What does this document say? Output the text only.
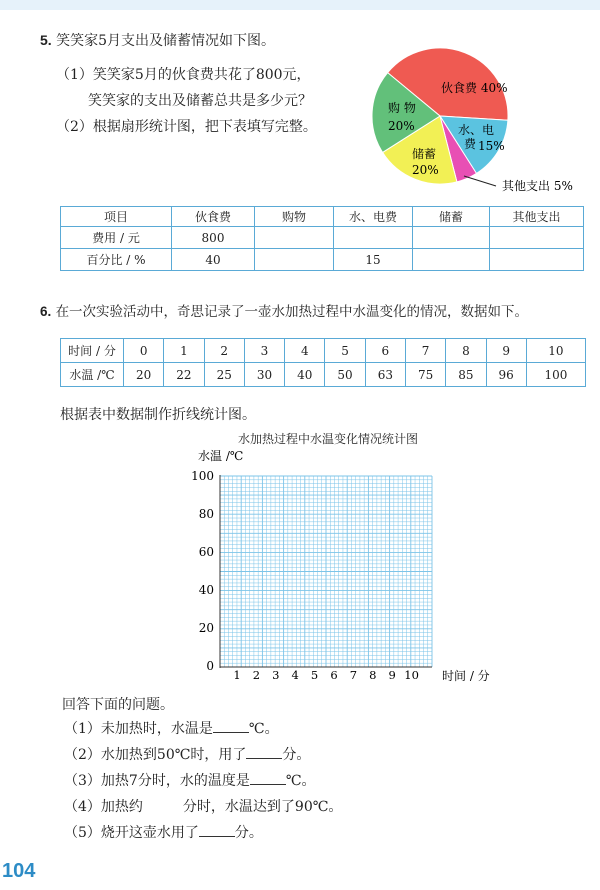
5. 笑笑家5月支出及储蓄情况如下图。
（1）笑笑家5月的伙食费共花了800元，
笑笑家的支出及储蓄总共是多少元？
（2）根据扇形统计图，把下表填写完整。
伙食费 40%
购 物
20%	水、电
费 15%
储蓄
20%
其他支出 5%
项目	伙食费	购物	水、电费	储蓄	其他支出
费用 / 元	800				
百分比 / %	40		15		
6. 在一次实验活动中，奇思记录了一壶水加热过程中水温变化的情况，数据如下。
时间 / 分	0	1	2	3	4	5	6	7	8	9	10
水温 /℃	20	22	25	30	40	50	63	75	85	96	100
根据表中数据制作折线统计图。
水加热过程中水温变化情况统计图
水温 /℃
100
80
60
40
20
0
1 2 3 4 5 6 7 8 9 10 时间 / 分
回答下面的问题。
（1）未加热时，水温是	℃。
（2）水加热到50℃时，用了	分。
（3）加热7分时，水的温度是	℃。
（4）加热约	分时，水温达到了90℃。
（5）烧开这壶水用了	分。
104
